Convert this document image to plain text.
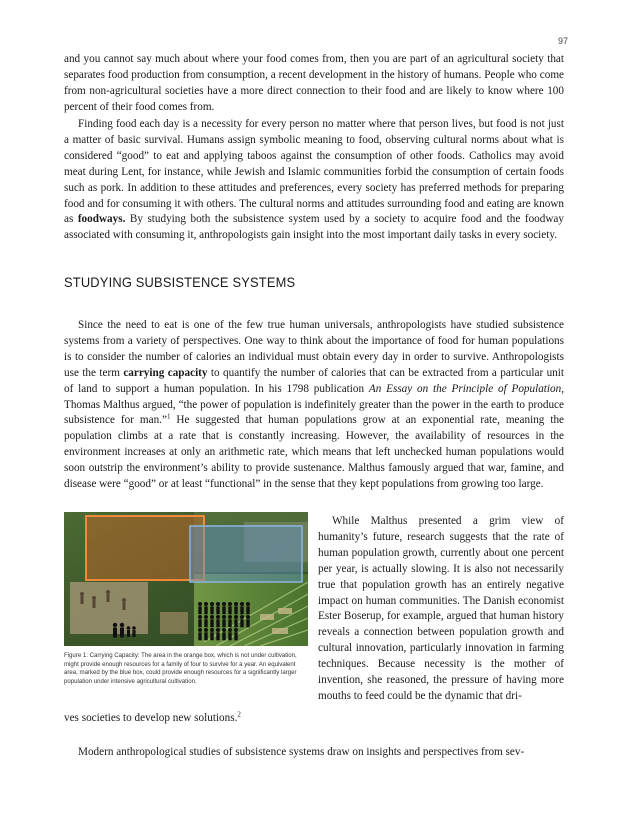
97

and you cannot say much about where your food comes from, then you are part of an agricultural society that separates food production from consumption, a recent development in the history of humans. People who come from non-agricultural societies have a more direct connection to their food and are likely to know where 100 percent of their food comes from.

Finding food each day is a necessity for every person no matter where that person lives, but food is not just a matter of basic survival. Humans assign symbolic meaning to food, observing cultural norms about what is considered “good” to eat and applying taboos against the consumption of other foods. Catholics may avoid meat during Lent, for instance, while Jewish and Islamic communities forbid the consumption of certain foods such as pork. In addition to these attitudes and preferences, every society has preferred methods for preparing food and for consuming it with others. The cultural norms and attitudes surrounding food and eating are known as foodways. By studying both the subsistence system used by a society to acquire food and the foodway associated with consuming it, anthropologists gain insight into the most important daily tasks in every society.

STUDYING SUBSISTENCE SYSTEMS

Since the need to eat is one of the few true human universals, anthropologists have studied subsistence systems from a variety of perspectives. One way to think about the importance of food for human populations is to consider the number of calories an individual must obtain every day in order to survive. Anthropologists use the term carrying capacity to quantify the number of calories that can be extracted from a particular unit of land to support a human population. In his 1798 publication An Essay on the Principle of Population, Thomas Malthus argued, “the power of population is indefinitely greater than the power in the earth to produce subsistence for man.”$^1$ He suggested that human populations grow at an exponential rate, meaning the population climbs at a rate that is constantly increasing. However, the availability of resources in the environment increases at only an arithmetic rate, which means that left unchecked human populations would soon outstrip the environment’s ability to provide sustenance. Malthus famously argued that war, famine, and disease were “good” or at least “functional” in the sense that they kept populations from growing too large.

Figure 1: Carrying Capacity: The area in the orange box, which is not under cultivation, might provide enough resources for a family of four to survive for a year. An equivalent area, marked by the blue box, could provide enough resources for a significantly larger population under intensive agricultural cultivation.

While Malthus presented a grim view of humanity’s future, research suggests that the rate of human population growth, currently about one percent per year, is actually slowing. It is also not necessarily true that population growth has an entirely negative impact on human communities. The Danish economist Ester Boserup, for example, argued that human history reveals a connection between population growth and cultural innovation, particularly innovation in farming techniques. Because necessity is the mother of invention, she reasoned, the pressure of having more mouths to feed could be the dynamic that dri-

ves societies to develop new solutions.$^2$

Modern anthropological studies of subsistence systems draw on insights and perspectives from sev-
